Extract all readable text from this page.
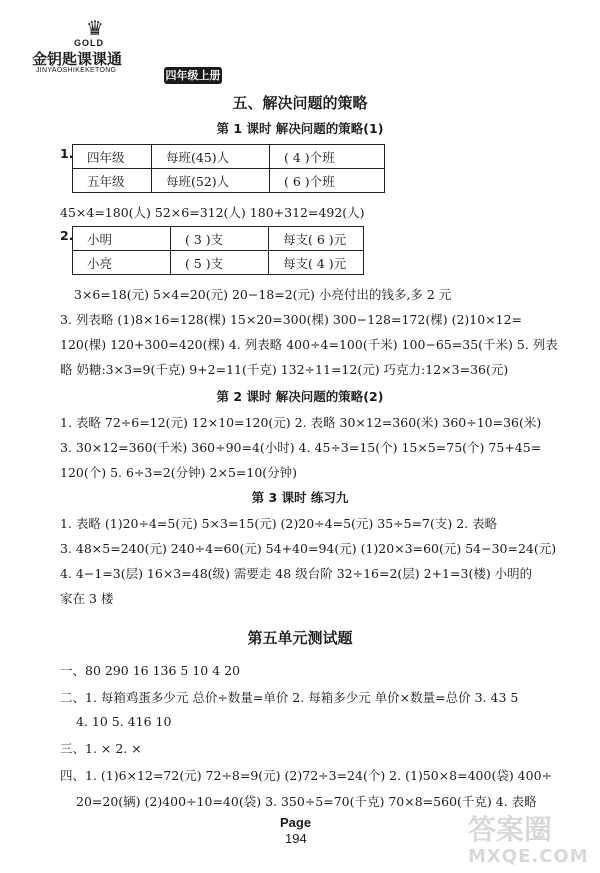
♛
GOLD
金钥匙课课通
JINYAOSHIKEKETONG	四年级上册
五、解决问题的策略
第 1 课时 解决问题的策略(1)
1. 四年级	每班(45)人	( 4 )个班
五年级	每班(52)人	( 6 )个班
45×4=180(人) 52×6=312(人) 180+312=492(人)
2. 小明	( 3 )支	每支( 6 )元
小亮	( 5 )支	每支( 4 )元
3×6=18(元) 5×4=20(元) 20−18=2(元) 小亮付出的钱多,多 2 元
3. 列表略 (1)8×16=128(棵) 15×20=300(棵) 300−128=172(棵) (2)10×12=
120(棵) 120+300=420(棵) 4. 列表略 400÷4=100(千米) 100−65=35(千米) 5. 列表
略 奶糖:3×3=9(千克) 9+2=11(千克) 132÷11=12(元) 巧克力:12×3=36(元)
第 2 课时 解决问题的策略(2)
1. 表略 72÷6=12(元) 12×10=120(元) 2. 表略 30×12=360(米) 360÷10=36(米)
3. 30×12=360(千米) 360÷90=4(小时) 4. 45÷3=15(个) 15×5=75(个) 75+45=
120(个) 5. 6÷3=2(分钟) 2×5=10(分钟)
第 3 课时 练习九
1. 表略 (1)20÷4=5(元) 5×3=15(元) (2)20÷4=5(元) 35÷5=7(支) 2. 表略
3. 48×5=240(元) 240÷4=60(元) 54+40=94(元) (1)20×3=60(元) 54−30=24(元)
4. 4−1=3(层) 16×3=48(级) 需要走 48 级台阶 32÷16=2(层) 2+1=3(楼) 小明的
家在 3 楼
第五单元测试题
一、80 290 16 136 5 10 4 20
二、1. 每箱鸡蛋多少元 总价÷数量=单价 2. 每箱多少元 单价×数量=总价 3. 43 5
4. 10 5. 416 10
三、1. × 2. ×
四、1. (1)6×12=72(元) 72÷8=9(元) (2)72÷3=24(个) 2. (1)50×8=400(袋) 400÷
20=20(辆) (2)400÷10=40(袋) 3. 350÷5=70(千克) 70×8=560(千克) 4. 表略
Page
194	答案圈
MXQE.COM
